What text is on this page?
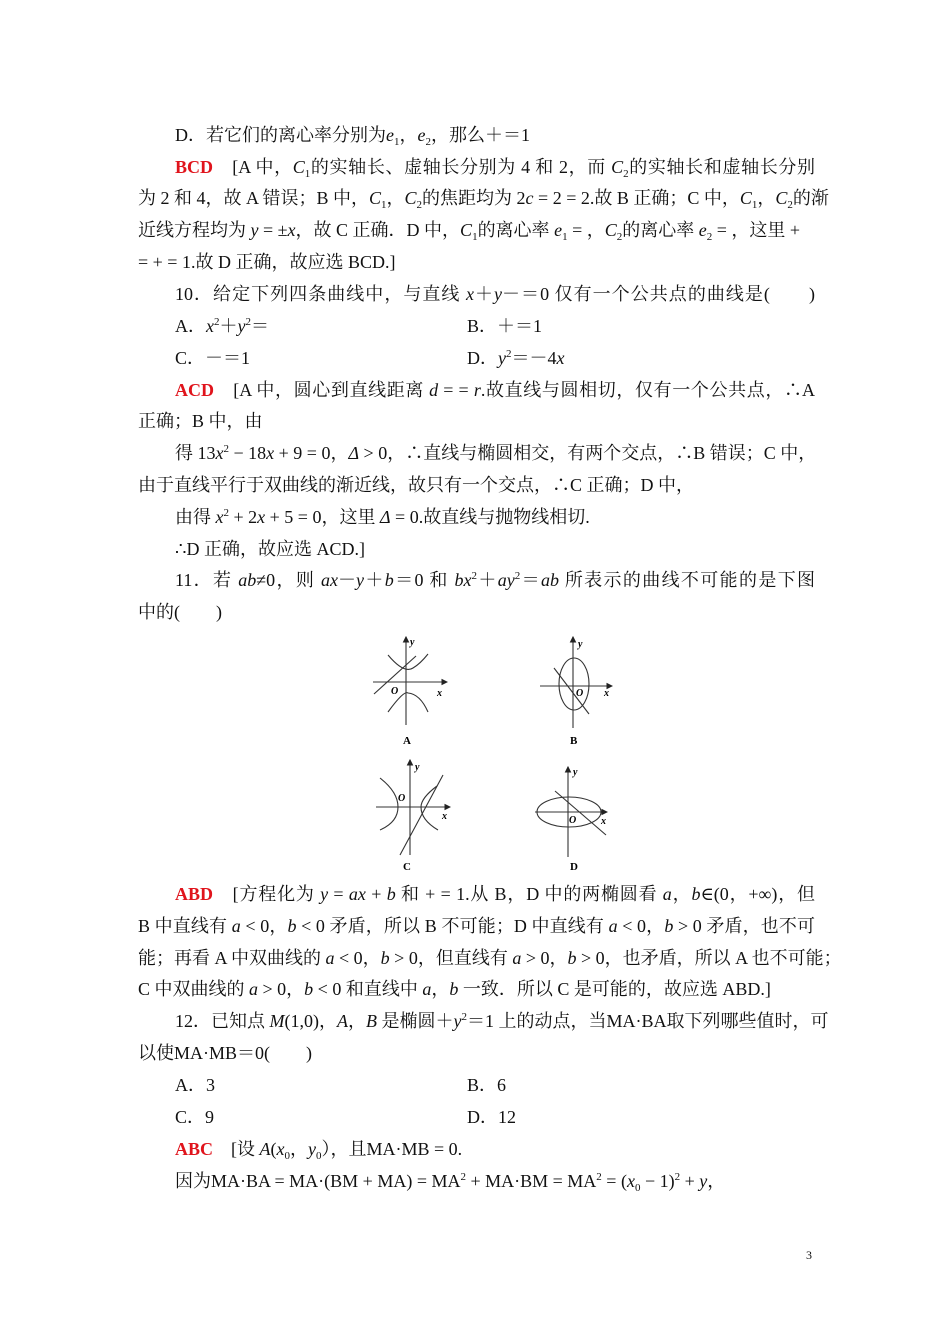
D．若它们的离心率分别为$e_1$，$e_2$，那么＋＝1
BCD　[A 中，$C_1$的实轴长、虚轴长分别为 4 和 2，而 $C_2$的实轴长和虚轴长分别
为 2 和 4，故 A 错误；B 中，$C_1$，$C_2$的焦距均为 2c = 2 = 2.故 B 正确；C 中，$C_1$，$C_2$的渐
近线方程均为 y = ±x，故 C 正确．D 中，$C_1$的离心率 $e_1$ = ，$C_2$的离心率 $e_2$ = ，这里 +
= + = 1.故 D 正确，故应选 BCD.]
10．给定下列四条曲线中，与直线 x＋y－＝0 仅有一个公共点的曲线是(　　)
A．$x^2+y^2=$	B．＋＝1
C．－＝1	D．$y^2=-4x$
ACD　[A 中，圆心到直线距离 d = = r.故直线与圆相切，仅有一个公共点，∴A
正确；B 中，由
得 $13x^2 - 18x + 9 = 0$，Δ > 0，∴直线与椭圆相交，有两个交点，∴B 错误；C 中，
由于直线平行于双曲线的渐近线，故只有一个交点，∴C 正确；D 中，
由得 $x^2 + 2x + 5 = 0$，这里 Δ = 0.故直线与抛物线相切.
∴D 正确，故应选 ACD.]
11．若 ab≠0，则 ax－y＋b＝0 和 $bx^2+ay^2=ab$ 所表示的曲线不可能的是下图
中的(　　)
y
x
O
A
y
x
O
B
y
x
O
C
y
x
O
D
ABD　[方程化为 y = ax + b 和 + = 1.从 B，D 中的两椭圆看 a，b∈(0，+∞)，但
B 中直线有 a < 0，b < 0 矛盾，所以 B 不可能；D 中直线有 a < 0，b > 0 矛盾，也不可
能；再看 A 中双曲线的 a < 0，b > 0，但直线有 a > 0，b > 0，也矛盾，所以 A 也不可能；
C 中双曲线的 a > 0，b < 0 和直线中 a，b 一致．所以 C 是可能的，故应选 ABD.]
12．已知点 M(1,0)，A，B 是椭圆$+y^2=1$ 上的动点，当MA·BA取下列哪些值时，可
以使MA·MB＝0(　　)
A．3	B．6
C．9	D．12
ABC　[设 $A(x_0$，$y_0$），且MA·MB = 0.
因为$MA\cdot BA = MA\cdot(BM + MA) = MA^2 + MA\cdot BM = MA^2 = (x_0 - 1)^2 + y$，
3
